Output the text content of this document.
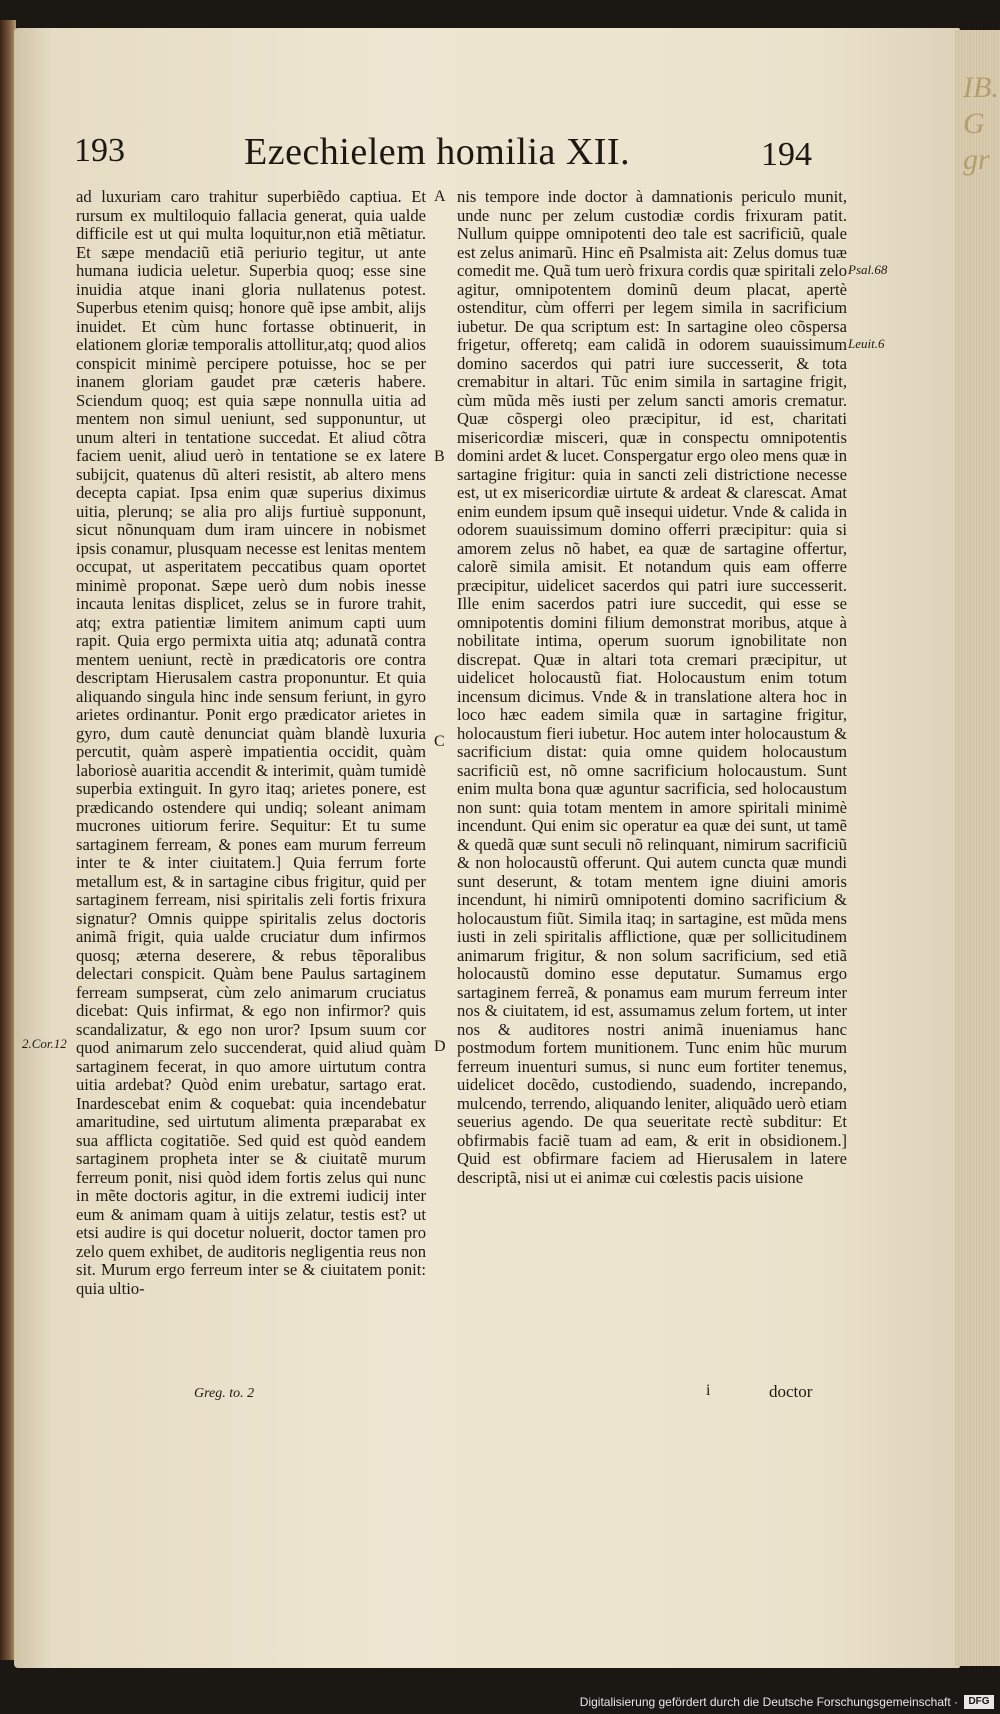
193	Ezechielem homilia XII.	194

ad luxuriam caro trahitur superbiẽdo captiua. Et rursum ex multiloquio fallacia generat, quia ualde difficile est ut qui multa loquitur,non etiã mẽtiatur. Et sæpe mendaciũ etiã periurio tegitur, ut ante humana iudicia ueletur. Superbia quoq; esse sine inuidia atque inani gloria nullatenus potest. Superbus etenim quisq; honore quẽ ipse ambit, alijs inuidet. Et cùm hunc fortasse obtinuerit, in elationem gloriæ temporalis attollitur,atq; quod alios conspicit minimè percipere potuisse, hoc se per inanem gloriam gaudet præ cæteris habere. Sciendum quoq; est quia sæpe nonnulla uitia ad mentem non simul ueniunt, sed supponuntur, ut unum alteri in tentatione succedat. Et aliud cõtra faciem uenit, aliud uerò in tentatione se ex latere subijcit, quatenus dũ alteri resistit, ab altero mens decepta capiat. Ipsa enim quæ superius diximus uitia, plerunq; se alia pro alijs furtiuè supponunt, sicut nõnunquam dum iram uincere in nobismet ipsis conamur, plusquam necesse est lenitas mentem occupat, ut asperitatem peccatibus quam oportet minimè proponat. Sæpe uerò dum nobis inesse incauta lenitas displicet, zelus se in furore trahit, atq; extra patientiæ limitem animum capti uum rapit. Quia ergo permixta uitia atq; adunatã contra mentem ueniunt, rectè in prædicatoris ore contra descriptam Hierusalem castra proponuntur. Et quia aliquando singula hinc inde sensum feriunt, in gyro arietes ordinantur. Ponit ergo prædicator arietes in gyro, dum cautè denunciat quàm blandè luxuria percutit, quàm asperè impatientia occidit, quàm laboriosè auaritia accendit & interimit, quàm tumidè superbia extinguit. In gyro itaq; arietes ponere, est prædicando ostendere qui undiq; soleant animam mucrones uitiorum ferire. Sequitur: Et tu sume sartaginem ferream, & pones eam murum ferreum inter te & inter ciuitatem.] Quia ferrum forte metallum est, & in sartagine cibus frigitur, quid per sartaginem ferream, nisi spiritalis zeli fortis frixura signatur? Omnis quippe spiritalis zelus doctoris animã frigit, quia ualde cruciatur dum infirmos quosq; æterna deserere, & rebus tẽporalibus delectari conspicit. Quàm bene Paulus sartaginem ferream sumpserat, cùm zelo animarum cruciatus dicebat: Quis infirmat, & ego non infirmor? quis scandalizatur, & ego non uror? Ipsum suum cor quod animarum zelo succenderat, quid aliud quàm sartaginem fecerat, in quo amore uirtutum contra uitia ardebat? Quòd enim urebatur, sartago erat. Inardescebat enim & coquebat: quia incendebatur amaritudine, sed uirtutum alimenta præparabat ex sua afflicta cogitatiõe. Sed quid est quòd eandem sartaginem propheta inter se & ciuitatẽ murum ferreum ponit, nisi quòd idem fortis zelus qui nunc in mẽte doctoris agitur, in die extremi iudicij inter eum & animam quam à uitijs zelatur, testis est? ut etsi audire is qui docetur noluerit, doctor tamen pro zelo quem exhibet, de auditoris negligentia reus non sit. Murum ergo ferreum inter se & ciuitatem ponit: quia ultio-

nis tempore inde doctor à damnationis periculo munit, unde nunc per zelum custodiæ cordis frixuram patit. Nullum quippe omnipotenti deo tale est sacrificiũ, quale est zelus animarũ. Hinc eñ Psalmista ait: Zelus domus tuæ comedit me. Quã tum uerò frixura cordis quæ spiritali zelo agitur, omnipotentem dominũ deum placat, apertè ostenditur, cùm offerri per legem simila in sacrificium iubetur. De qua scriptum est: In sartagine oleo cõspersa frigetur, offeretq; eam calidã in odorem suauissimum domino sacerdos qui patri iure successerit, & tota cremabitur in altari. Tũc enim simila in sartagine frigit, cùm mũda mẽs iusti per zelum sancti amoris crematur. Quæ cõspergi oleo præcipitur, id est, charitati misericordiæ misceri, quæ in conspectu omnipotentis domini ardet & lucet. Conspergatur ergo oleo mens quæ in sartagine frigitur: quia in sancti zeli districtione necesse est, ut ex misericordiæ uirtute & ardeat & clarescat. Amat enim eundem ipsum quẽ insequi uidetur. Vnde & calida in odorem suauissimum domino offerri præcipitur: quia si amorem zelus nõ habet, ea quæ de sartagine offertur, calorẽ simila amisit. Et notandum quis eam offerre præcipitur, uidelicet sacerdos qui patri iure successerit. Ille enim sacerdos patri iure succedit, qui esse se omnipotentis domini filium demonstrat moribus, atque à nobilitate intima, operum suorum ignobilitate non discrepat. Quæ in altari tota cremari præcipitur, ut uidelicet holocaustũ fiat. Holocaustum enim totum incensum dicimus. Vnde & in translatione altera hoc in loco hæc eadem simila quæ in sartagine frigitur, holocaustum fieri iubetur. Hoc autem inter holocaustum & sacrificium distat: quia omne quidem holocaustum sacrificiũ est, nõ omne sacrificium holocaustum. Sunt enim multa bona quæ aguntur sacrificia, sed holocaustum non sunt: quia totam mentem in amore spiritali minimè incendunt. Qui enim sic operatur ea quæ dei sunt, ut tamẽ & quedã quæ sunt seculi nõ relinquant, nimirum sacrificiũ & non holocaustũ offerunt. Qui autem cuncta quæ mundi sunt deserunt, & totam mentem igne diuini amoris incendunt, hi nimirũ omnipotenti domino sacrificium & holocaustum fiũt. Simila itaq; in sartagine, est mũda mens iusti in zeli spiritalis afflictione, quæ per sollicitudinem animarum frigitur, & non solum sacrificium, sed etiã holocaustũ domino esse deputatur. Sumamus ergo sartaginem ferreã, & ponamus eam murum ferreum inter nos & ciuitatem, id est, assumamus zelum fortem, ut inter nos & auditores nostri animã inueniamus hanc postmodum fortem munitionem. Tunc enim hũc murum ferreum inuenturi sumus, si nunc eum fortiter tenemus, uidelicet docẽdo, custodiendo, suadendo, increpando, mulcendo, terrendo, aliquando leniter, aliquãdo uerò etiam seuerius agendo. De qua seueritate rectè subditur: Et obfirmabis faciẽ tuam ad eam, & erit in obsidionem.] Quid est obfirmare faciem ad Hierusalem in latere descriptã, nisi ut ei animæ cui cœlestis pacis uisione

A
B
C
D
Psal.68
Leuit.6
2.Cor.12
Greg. to. 2	i	doctor
IB. G gr
Digitalisierung gefördert durch die Deutsche Forschungsgemeinschaft ·	DFG
